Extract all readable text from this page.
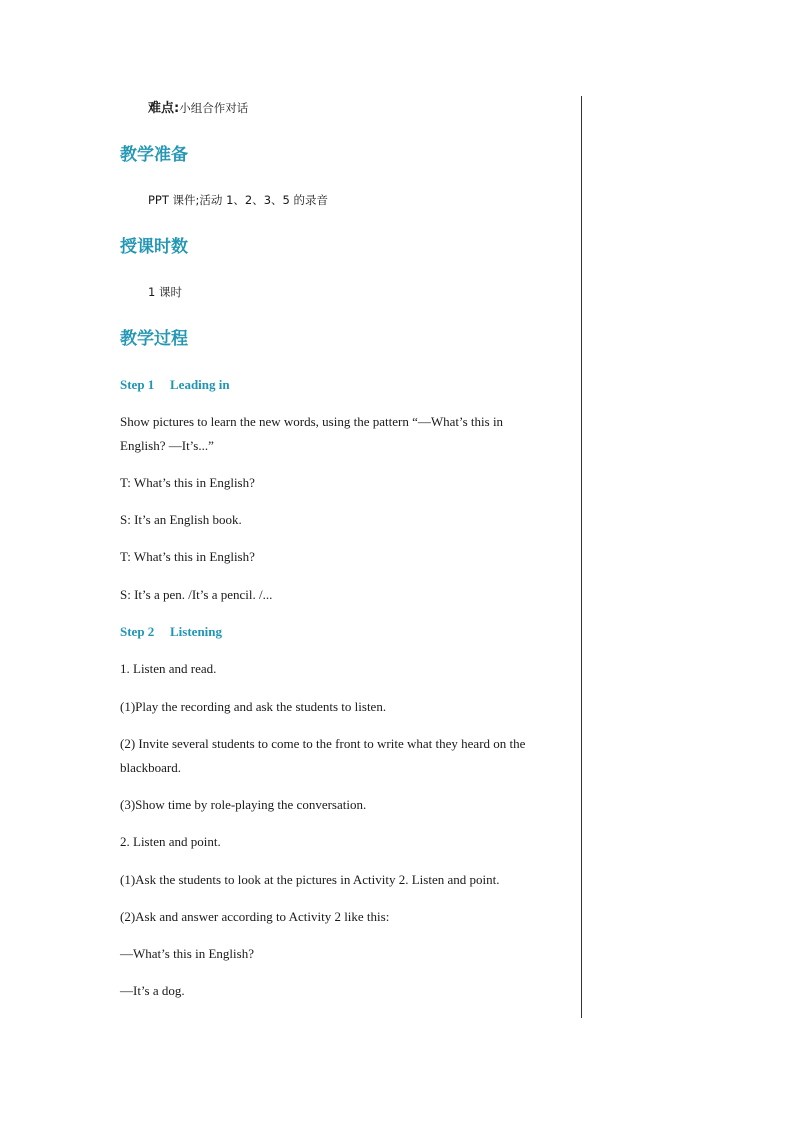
难点:小组合作对话
教学准备
PPT 课件;活动 1、2、3、5 的录音
授课时数
1 课时
教学过程
Step 1 Leading in
Show pictures to learn the new words, using the pattern “—What’s this in
English? —It’s...”
T: What’s this in English?
S: It’s an English book.
T: What’s this in English?
S: It’s a pen. /It’s a pencil. /...
Step 2 Listening
1. Listen and read.
(1)Play the recording and ask the students to listen.
(2) Invite several students to come to the front to write what they heard on the
blackboard.
(3)Show time by role-playing the conversation.
2. Listen and point.
(1)Ask the students to look at the pictures in Activity 2. Listen and point.
(2)Ask and answer according to Activity 2 like this:
—What’s this in English?
—It’s a dog.
